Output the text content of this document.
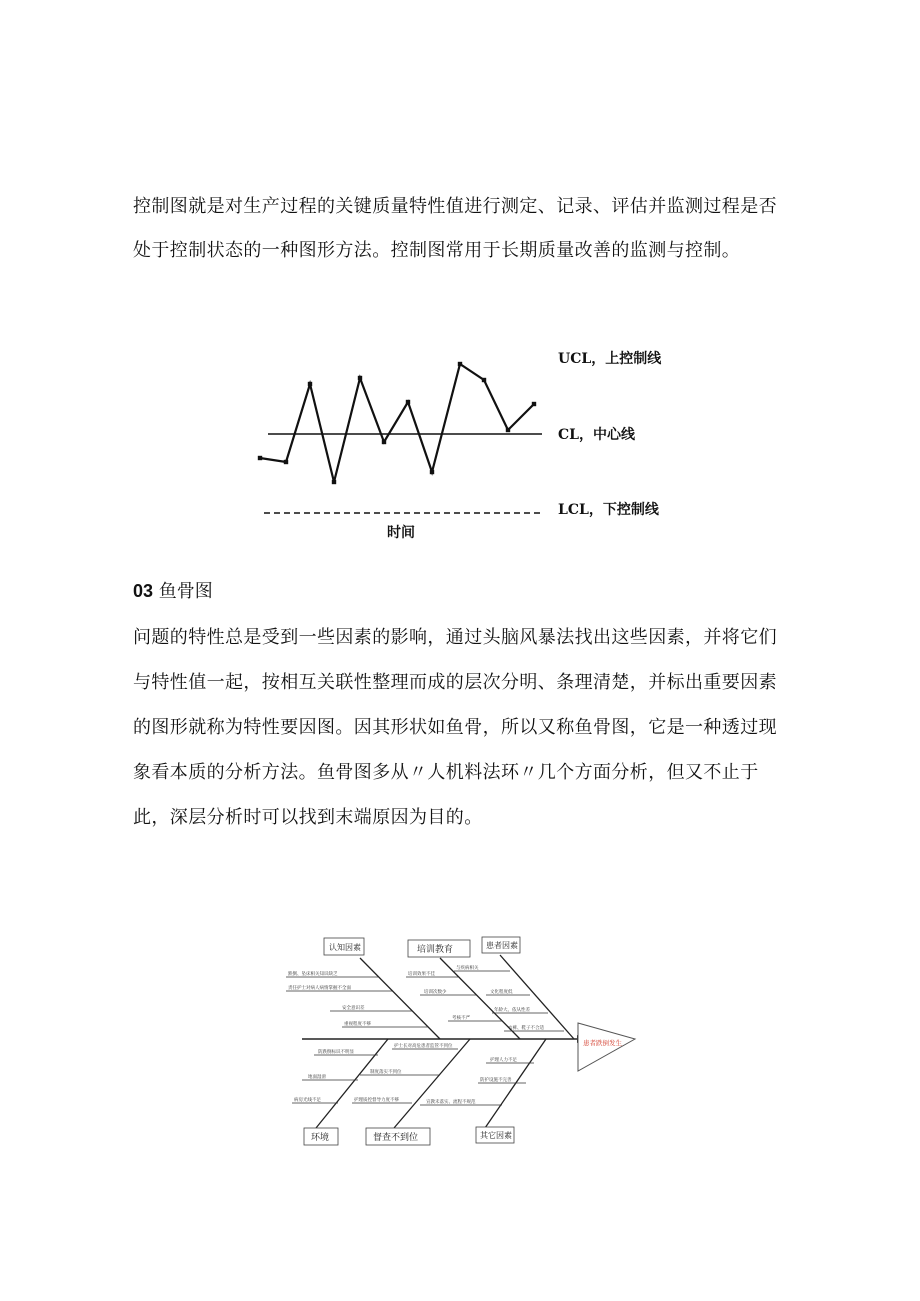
控制图就是对生产过程的关键质量特性值进行测定、记录、评估并监测过程是否处于控制状态的一种图形方法。控制图常用于长期质量改善的监测与控制。
UCL，上控制线
CL，中心线
LCL，下控制线
时间
03 鱼骨图
问题的特性总是受到一些因素的影响，通过头脑风暴法找出这些因素，并将它们与特性值一起，按相互关联性整理而成的层次分明、条理清楚，并标出重要因素的图形就称为特性要因图。因其形状如鱼骨，所以又称鱼骨图，它是一种透过现象看本质的分析方法。鱼骨图多从〃人机料法环〃几个方面分析，但又不止于此，深层分析时可以找到末端原因为目的。
患者跌倒发生
认知因素	培训教育	患者因素
环境	督查不到位	其它因素
跌倒、坠床相关知识缺乏
责任护士对病人病情掌握不全面
安全意识差
重视程度不够
培训效果不佳
培训次数少
考核不严
与疾病相关
文化程度低
年龄大、依从性差
衣裤、鞋子不合适
防跌倒标识不明显
地面湿滑
病房光线不足
护士长对高危患者监管不到位
制度落实不到位
护理质控督导力度不够
护理人力不足
防护设施不完善
宣教未落实、流程不规范
